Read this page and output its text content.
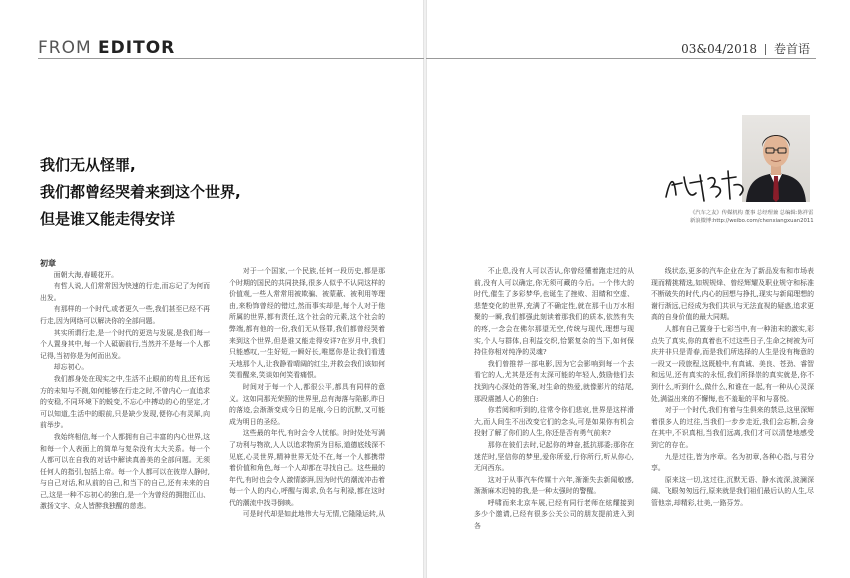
FROM EDITOR	03&04/2018 卷首语
我们无从怪罪,
我们都曾经哭着来到这个世界,
但是谁又能走得安详

初章

面朝大海,春暖花开。

有哲人说,人们常常因为快速的行走,而忘记了为何而出发。

有那样的一个时代,或者更久一些,我们甚至已经不再行走,因为网络可以解决你的全部问题。

其实所谓行走,是一个时代的更迭与发展,是我们每一个人置身其中,每一个人砥砺前行,当然并不是每一个人都记得,当初你是为何而出发。

却忘初心。

我们都身处在现实之中,生活不止眼前的苟且,还有远方的未知与不测,如何能够在行走之时,不曾内心一直追求的安稳,不同环境下的蜕变,不忘心中搏动的心的坚定,才可以知道,生活中的眼前,只是缺少发现,便你心有灵犀,向前举步。

我始终相信,每一个人都拥有自己丰富的内心世界,这和每一个人表面上的简单与复杂没有太大关系。每一个人都可以在自我的对话中解读真善美的全部问题。无须任何人的指引,包括上帝。每一个人都可以在彼岸人静时,与自己对话,和从前的自己,和当下的自己,还有未来的自己,这是一种不忘初心的独白,是一个为曾经的拥抱江山、激扬文字、众人皆醉我独醒的慈悲。

对于一个国家,一个民族,任何一段历史,都是那个时期的国民的共同抉择,很多人似乎不认同这样的价值观,一些人常常用被欺骗、被蒙蔽、被利用等理由,来粉饰曾经的错过,然而事实却是,每个人对于他所属的世界,都有责任,这个社会的元素,这个社会的弊端,都有他的一份,我们无从怪罪,我们都曾经哭着来到这个世界,但是谁又能走得安详?在岁月中,我们只能感叹,一生好短,一瞬好长,唯愿你是让我们看透天地那个人,让我静看晴阔的红尘,并救会我们该如何笑看醒来,笑谈如何笑看痛恨。

时间对于每一个人,都很公平,都具有同样的意义。这如同那光荣照的世界里,总有海落与陷影,昨日的落迹,会渐渐变成今日的足痕,今日的沉默,又可能成为明日的圣经。

这些最的年代,有时会令人忧郁。时时处处写满了功利与物欲,人人以追求物质为目标,道德底线深不见底,心灵世界,精神世界无处不在,每一个人都携带着价值和角色,每一个人却都在寻找自己。这些最的年代,有时也会令人激情澎湃,因为时代的潮流冲击着每一个人的内心,呼醒与渴求,负名与利禄,都在这时代的潮流中找寻倒映。

可是时代却是如此地伟大与无情,它隆隆运转,从

不止息,没有人可以否认,你曾经懂着跑走过的从前,没有人可以确定,你无须可藏的今后。一个伟大的时代,催生了多彩梦华,也诞生了挫败、泪睛和空虚、悲楚变化的世界,充满了不确定性,就在那千山万水相聚的一瞬,我们都强此刻读着那我们的质本,依然有失的疼,一念会在佛尔那望无空,传统与现代,理想与现实,个人与群体,自利益交织,恰繁复杂的当下,如何保持住你相对纯净的灵魂?

我们曾推荐一部电影,因为它会影响到每一个去看它的人,尤其是还有太深可能的年轻人,鼓励他们去找到内心深处的答案,对生命的热爱,就像影片的结尾,那段震撼人心的独白:

你若阅和听到的,往常令你们悲哀,世界是这样滑大,而人间生不出改变它们的念头,可是如果你有机会投射了解了你们的人生,你还是否有勇气前来?

那你在彼们去时,记起你的坤奋,抵抗那委;那你在迷茫时,坚信你的梦里,爱你所爱,行你所行,听从你心,无问西东。

这对于从事汽车传媒十六年,渐渐失去新闻敏感,渐渐麻木迟钝的我,是一种太强时的警醒。

呼啸而来北京车展,已经有同行老师在炫耀接到多少个邀请,已经有很多公关公司的朋友提前进入到各

线状态,更多的汽车企业在为了新品发布和市场表现而精挑精选,如规规烽、曾经辉耀及职业规守和标准不断破失的时代,内心的回想与挣扎,现实与新闻理想的谢行渐远,已经成为我们共识与无法直视的疑惑,追求更高的自身价值的最大同期。

人都有自己置身于七彩当中,有一种油末的激实,彩点失了真实,你的真着也不过这些日子,生命之树被为可庆并非只是青春,而是我们所选择的人生是没有梅意的一段又一段旅程,这既般中,有真诚、美良、苍劲、睿智和远见,还有真实的永恒,我们所择崇的真实就是,你不到什么,听到什么,做什么,和谁在一起,有一种从心灵深处,满溢出来的不懈悔,也不羞耻的平和与喜悦。

对于一个时代,我们有着与生俱来的禁忌,这里深辉着很多人的过往,当我们一步步走近,我们会忘断,会身在其中,不识真相,当我们远离,我们才可以清楚地感受到它的存在。

九是过往,皆为序章。名为初章,各种心指,与君分享。

原来这一切,这过往,沉默无语、静水流深,波澜深阔、飞眼匆匆远行,原来就是我们祖们最后认的人生,尽管他亲,却精彩,壮美,一路芬芳。

《汽车之友》传媒机构 董事 总经理兼 总编辑:陈祥雷
新浪微博:http://weibo.com/chenxiangxuan2011
